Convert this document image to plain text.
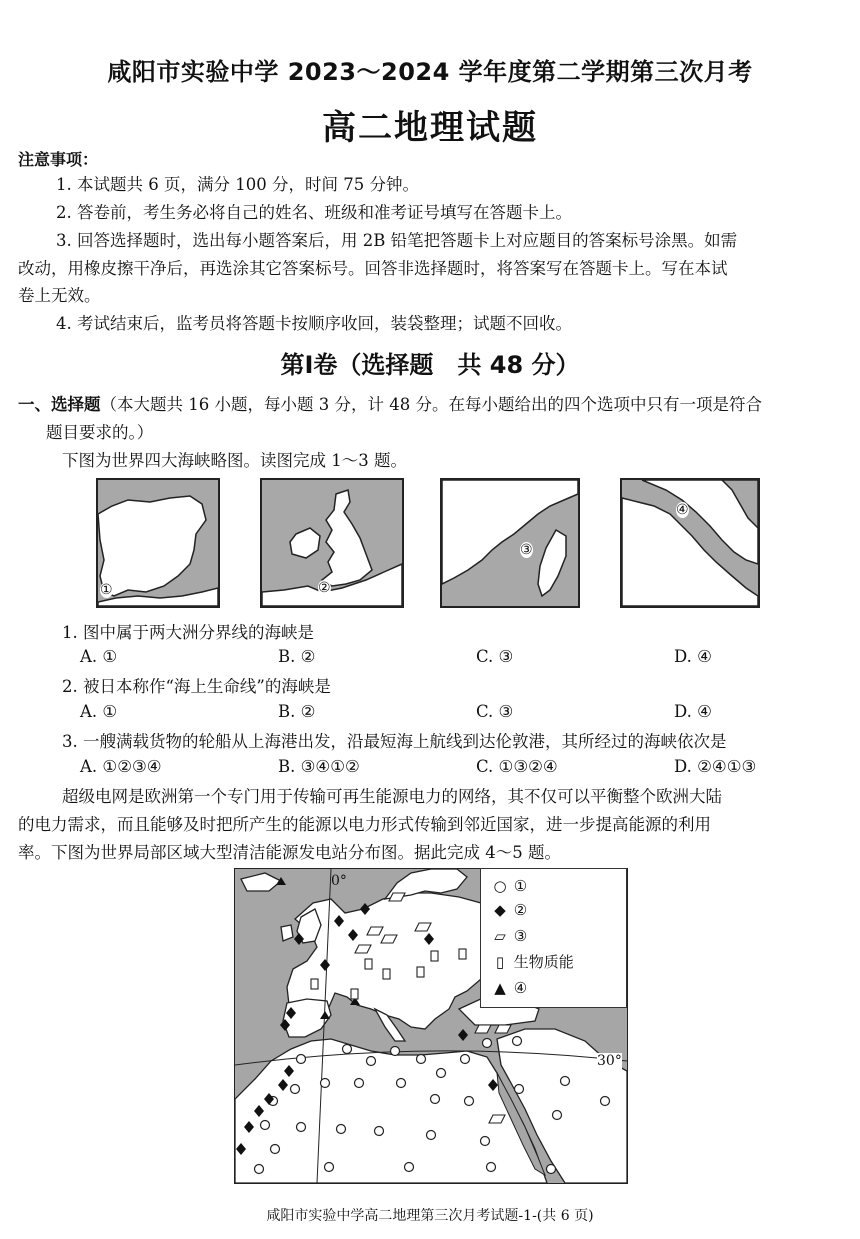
咸阳市实验中学 2023～2024 学年度第二学期第三次月考
高二地理试题
注意事项：
1. 本试题共 6 页，满分 100 分，时间 75 分钟。
2. 答卷前，考生务必将自己的姓名、班级和准考证号填写在答题卡上。
3. 回答选择题时，选出每小题答案后，用 2B 铅笔把答题卡上对应题目的答案标号涂黑。如需
改动，用橡皮擦干净后，再选涂其它答案标号。回答非选择题时，将答案写在答题卡上。写在本试
卷上无效。
4. 考试结束后，监考员将答题卡按顺序收回，装袋整理；试题不回收。
第Ⅰ卷（选择题　共 48 分）
一、选择题（本大题共 16 小题，每小题 3 分，计 48 分。在每小题给出的四个选项中只有一项是符合
题目要求的。）
下图为世界四大海峡略图。读图完成 1～3 题。
①	②
③
④
1. 图中属于两大洲分界线的海峡是
A. ①	B. ②	C. ③	D. ④
2. 被日本称作“海上生命线”的海峡是
A. ①	B. ②	C. ③	D. ④
3. 一艘满载货物的轮船从上海港出发，沿最短海上航线到达伦敦港，其所经过的海峡依次是
A. ①②③④	B. ③④①②	C. ①③②④	D. ②④①③
超级电网是欧洲第一个专门用于传输可再生能源电力的网络，其不仅可以平衡整个欧洲大陆
的电力需求，而且能够及时把所产生的能源以电力形式传输到邻近国家，进一步提高能源的利用
率。下图为世界局部区域大型清洁能源发电站分布图。据此完成 4～5 题。
0°
30°
○ ①
◆ ②
▱ ③
▯ 生物质能
▲ ④
咸阳市实验中学高二地理第三次月考试题-1-(共 6 页)
